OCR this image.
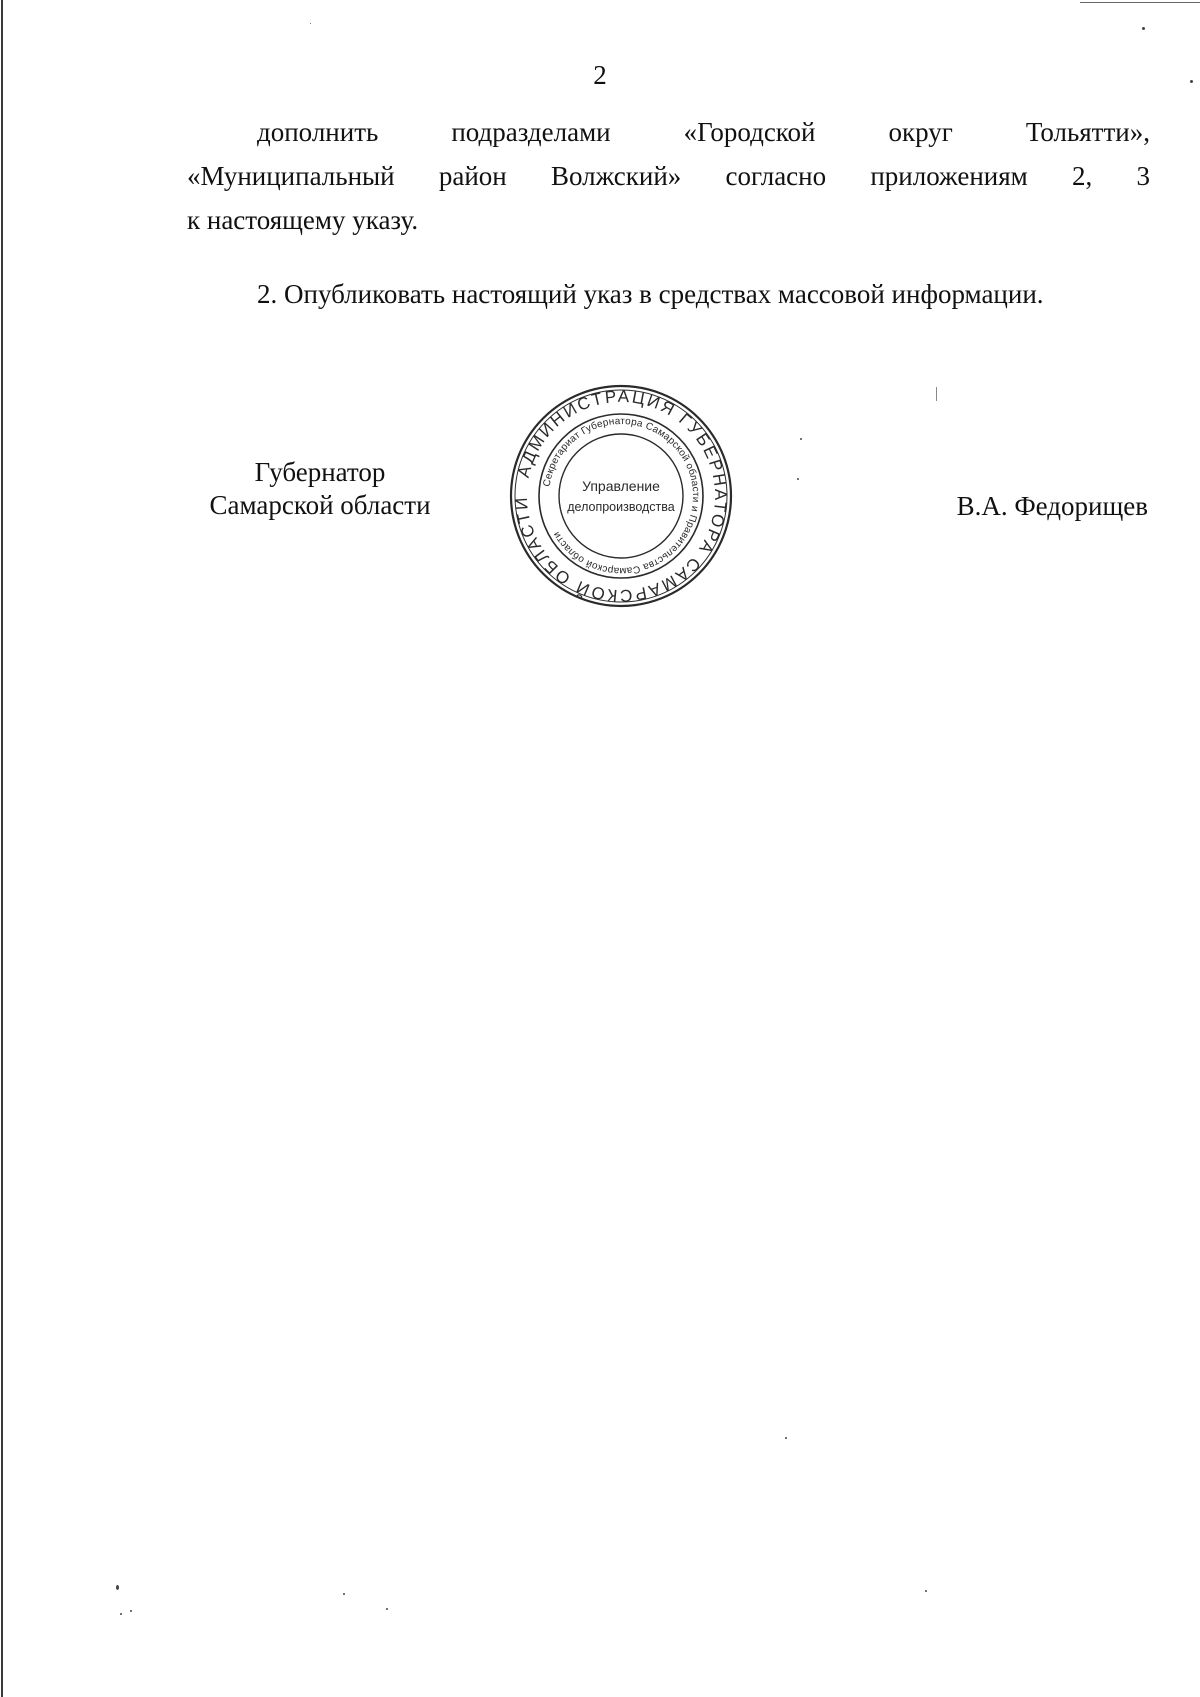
2
дополнить	подразделами	«Городской	округ	Тольятти»,
«Муниципальный район Волжский» согласно приложениям 2, 3
к настоящему указу.
2. Опубликовать настоящий указ в средствах массовой информации.
Губернатор
Самарской области
АДМИНИСТРАЦИЯ ГУБЕРНАТОРА САМАРСКОЙ ОБЛАСТИ
Секретариат Губернатора Самарской области и Правительства Самарской области
Управление
делопроизводства	В.А. Федорищев
